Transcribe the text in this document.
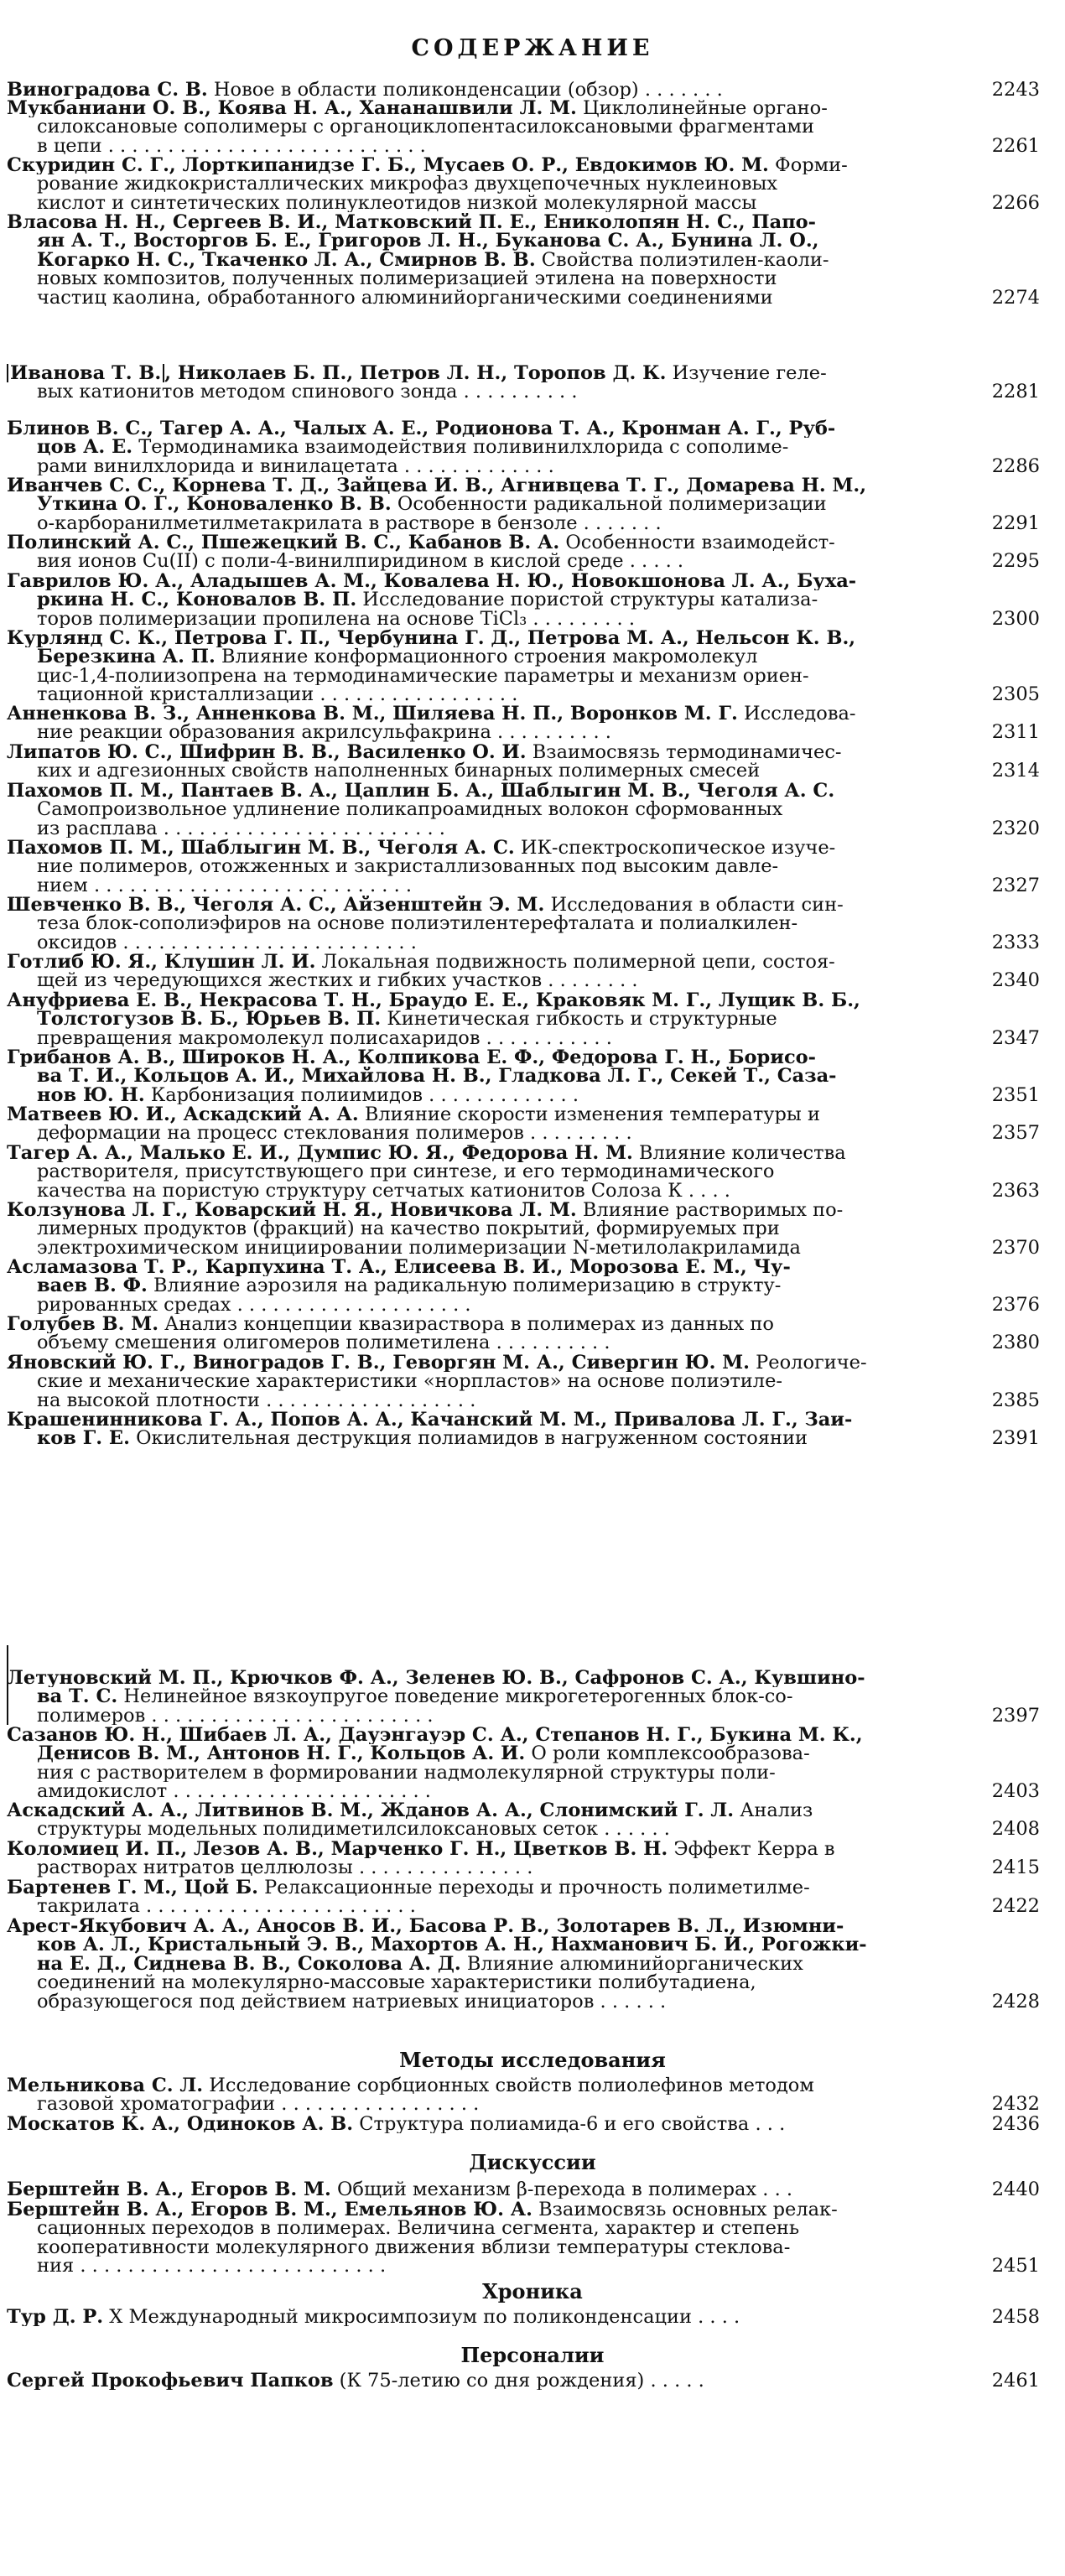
СОДЕРЖАНИЕ
Методы исследования
Дискуссии
Хроника
Персоналии
Виноградова С. В. Новое в области поликонденсации (обзор) . . . . . . .	2243
Мукбаниани О. В., Коява Н. А., Хананашвили Л. М. Циклолинейные органо-
силоксановые сополимеры с органоциклопентасилоксановыми фрагментами
в цепи . . . . . . . . . . . . . . . . . . . . . . . . . . .	2261
Скуридин С. Г., Лорткипанидзе Г. Б., Мусаев О. Р., Евдокимов Ю. М. Форми-
рование жидкокристаллических микрофаз двухцепочечных нуклеиновых
кислот и синтетических полинуклеотидов низкой молекулярной массы	2266
Власова Н. Н., Сергеев В. И., Матковский П. Е., Ениколопян Н. С., Папо-
ян А. Т., Восторгов Б. Е., Григоров Л. Н., Буканова С. А., Бунина Л. О.,
Когарко Н. С., Ткаченко Л. А., Смирнов В. В. Свойства полиэтилен-каоли-
новых композитов, полученных полимеризацией этилена на поверхности
частиц каолина, обработанного алюминийорганическими соединениями	2274
Иванова Т. В. , Николаев Б. П., Петров Л. Н., Торопов Д. К. Изучение геле-
вых катионитов методом спинового зонда . . . . . . . . . .	2281
Блинов В. С., Тагер А. А., Чалых А. Е., Родионова Т. А., Кронман А. Г., Руб-
цов А. Е. Термодинамика взаимодействия поливинилхлорида с сополиме-
рами винилхлорида и винилацетата . . . . . . . . . . . . .	2286
Иванчев С. С., Корнева Т. Д., Зайцева И. В., Агнивцева Т. Г., Домарева Н. М.,
Уткина О. Г., Коноваленко В. В. Особенности радикальной полимеризации
о-карборанилметилметакрилата в растворе в бензоле . . . . . . .	2291
Полинский А. С., Пшежецкий В. С., Кабанов В. А. Особенности взаимодейст-
вия ионов Cu(II) с поли-4-винилпиридином в кислой среде . . . . .	2295
Гаврилов Ю. А., Аладышев А. М., Ковалева Н. Ю., Новокшонова Л. А., Буха-
ркина Н. С., Коновалов В. П. Исследование пористой структуры катализа-
торов полимеризации пропилена на основе TiCl₃ . . . . . . . . .	2300
Курлянд С. К., Петрова Г. П., Чербунина Г. Д., Петрова М. А., Нельсон К. В.,
Березкина А. П. Влияние конформационного строения макромолекул
цис-1,4-полиизопрена на термодинамические параметры и механизм ориен-
тационной кристаллизации . . . . . . . . . . . . . . . . .	2305
Анненкова В. З., Анненкова В. М., Шиляева Н. П., Воронков М. Г. Исследова-
ние реакции образования акрилсульфакрина . . . . . . . . . .	2311
Липатов Ю. С., Шифрин В. В., Василенко О. И. Взаимосвязь термодинамичес-
ких и адгезионных свойств наполненных бинарных полимерных смесей	2314
Пахомов П. М., Пантаев В. А., Цаплин Б. А., Шаблыгин М. В., Чеголя А. С.
Самопроизвольное удлинение поликапроамидных волокон сформованных
из расплава . . . . . . . . . . . . . . . . . . . . . . . .	2320
Пахомов П. М., Шаблыгин М. В., Чеголя А. С. ИК-спектроскопическое изуче-
ние полимеров, отожженных и закристаллизованных под высоким давле-
нием . . . . . . . . . . . . . . . . . . . . . . . . . . .	2327
Шевченко В. В., Чеголя А. С., Айзенштейн Э. М. Исследования в области син-
теза блок-сополиэфиров на основе полиэтилентерефталата и полиалкилен-
оксидов . . . . . . . . . . . . . . . . . . . . . . . . .	2333
Готлиб Ю. Я., Клушин Л. И. Локальная подвижность полимерной цепи, состоя-
щей из чередующихся жестких и гибких участков . . . . . . . .	2340
Ануфриева Е. В., Некрасова Т. Н., Браудо Е. Е., Краковяк М. Г., Лущик В. Б.,
Толстогузов В. Б., Юрьев В. П. Кинетическая гибкость и структурные
превращения макромолекул полисахаридов . . . . . . . . . . .	2347
Грибанов А. В., Широков Н. А., Колпикова Е. Ф., Федорова Г. Н., Борисо-
ва Т. И., Кольцов А. И., Михайлова Н. В., Гладкова Л. Г., Секей Т., Саза-
нов Ю. Н. Карбонизация полиимидов . . . . . . . . . . . . .	2351
Матвеев Ю. И., Аскадский А. А. Влияние скорости изменения температуры и
деформации на процесс стеклования полимеров . . . . . . . . .	2357
Тагер А. А., Малько Е. И., Думпис Ю. Я., Федорова Н. М. Влияние количества
растворителя, присутствующего при синтезе, и его термодинамического
качества на пористую структуру сетчатых катионитов Солоза К . . . .	2363
Колзунова Л. Г., Коварский Н. Я., Новичкова Л. М. Влияние растворимых по-
лимерных продуктов (фракций) на качество покрытий, формируемых при
электрохимическом инициировании полимеризации N-метилолакриламида	2370
Асламазова Т. Р., Карпухина Т. А., Елисеева В. И., Морозова Е. М., Чу-
ваев В. Ф. Влияние аэрозиля на радикальную полимеризацию в структу-
рированных средах . . . . . . . . . . . . . . . . . . . .	2376
Голубев В. М. Анализ концепции квазираствора в полимерах из данных по
объему смешения олигомеров полиметилена . . . . . . . . . .	2380
Яновский Ю. Г., Виноградов Г. В., Геворгян М. А., Сивергин Ю. М. Реологиче-
ские и механические характеристики «норпластов» на основе полиэтиле-
на высокой плотности . . . . . . . . . . . . . . . . . .	2385
Крашенинникова Г. А., Попов А. А., Качанский М. М., Привалова Л. Г., Заи-
ков Г. Е. Окислительная деструкция полиамидов в нагруженном состоянии	2391
Летуновский М. П., Крючков Ф. А., Зеленев Ю. В., Сафронов С. А., Кувшино-
ва Т. С. Нелинейное вязкоупругое поведение микрогетерогенных блок-со-
полимеров . . . . . . . . . . . . . . . . . . . . . . . .	2397
Сазанов Ю. Н., Шибаев Л. А., Дауэнгауэр С. А., Степанов Н. Г., Букина М. К.,
Денисов В. М., Антонов Н. Г., Кольцов А. И. О роли комплексообразова-
ния с растворителем в формировании надмолекулярной структуры поли-
амидокислот . . . . . . . . . . . . . . . . . . . . . .	2403
Аскадский А. А., Литвинов В. М., Жданов А. А., Слонимский Г. Л. Анализ
структуры модельных полидиметилсилоксановых сеток . . . . . .	2408
Коломиец И. П., Лезов А. В., Марченко Г. Н., Цветков В. Н. Эффект Керра в
растворах нитратов целлюлозы . . . . . . . . . . . . . . .	2415
Бартенев Г. М., Цой Б. Релаксационные переходы и прочность полиметилме-
такрилата . . . . . . . . . . . . . . . . . . . . . . .	2422
Арест-Якубович А. А., Аносов В. И., Басова Р. В., Золотарев В. Л., Изюмни-
ков А. Л., Кристальный Э. В., Махортов А. Н., Нахманович Б. И., Рогожки-
на Е. Д., Сиднева В. В., Соколова А. Д. Влияние алюминийорганических
соединений на молекулярно-массовые характеристики полибутадиена,
образующегося под действием натриевых инициаторов . . . . . .	2428
Мельникова С. Л. Исследование сорбционных свойств полиолефинов методом
газовой хроматографии . . . . . . . . . . . . . . . . .	2432
Москатов К. А., Одиноков А. В. Структура полиамида-6 и его свойства . . .	2436
Берштейн В. А., Егоров В. М. Общий механизм β-перехода в полимерах . . .	2440
Берштейн В. А., Егоров В. М., Емельянов Ю. А. Взаимосвязь основных релак-
сационных переходов в полимерах. Величина сегмента, характер и степень
кооперативности молекулярного движения вблизи температуры стеклова-
ния . . . . . . . . . . . . . . . . . . . . . . . . . .	2451
Тур Д. Р. X Международный микросимпозиум по поликонденсации . . . .	2458
Сергей Прокофьевич Папков (К 75-летию со дня рождения) . . . . .	2461
